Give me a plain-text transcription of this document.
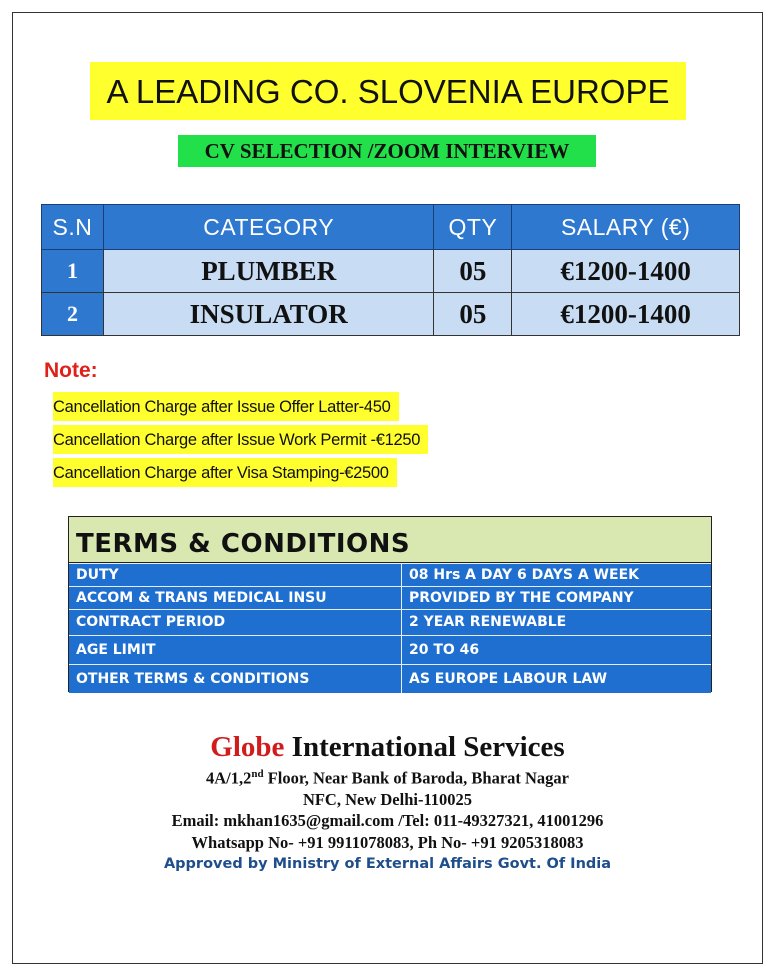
A LEADING CO. SLOVENIA EUROPE
CV SELECTION /ZOOM INTERVIEW
S.N	CATEGORY	QTY	SALARY (€)
1	PLUMBER	05	€1200-1400
2	INSULATOR	05	€1200-1400
Note:
Cancellation Charge after Issue Offer Latter-450
Cancellation Charge after Issue Work Permit -€1250
Cancellation Charge after Visa Stamping-€2500
TERMS & CONDITIONS
DUTY	08 Hrs A DAY 6 DAYS A WEEK
ACCOM & TRANS MEDICAL INSU	PROVIDED BY THE COMPANY
CONTRACT PERIOD	2 YEAR RENEWABLE
AGE LIMIT	20 TO 46
OTHER TERMS & CONDITIONS	AS EUROPE LABOUR LAW
Globe International Services
4A/1,2nd Floor, Near Bank of Baroda, Bharat Nagar
NFC, New Delhi-110025
Email: mkhan1635@gmail.com /Tel: 011-49327321, 41001296
Whatsapp No- +91 9911078083, Ph No- +91 9205318083
Approved by Ministry of External Affairs Govt. Of India
